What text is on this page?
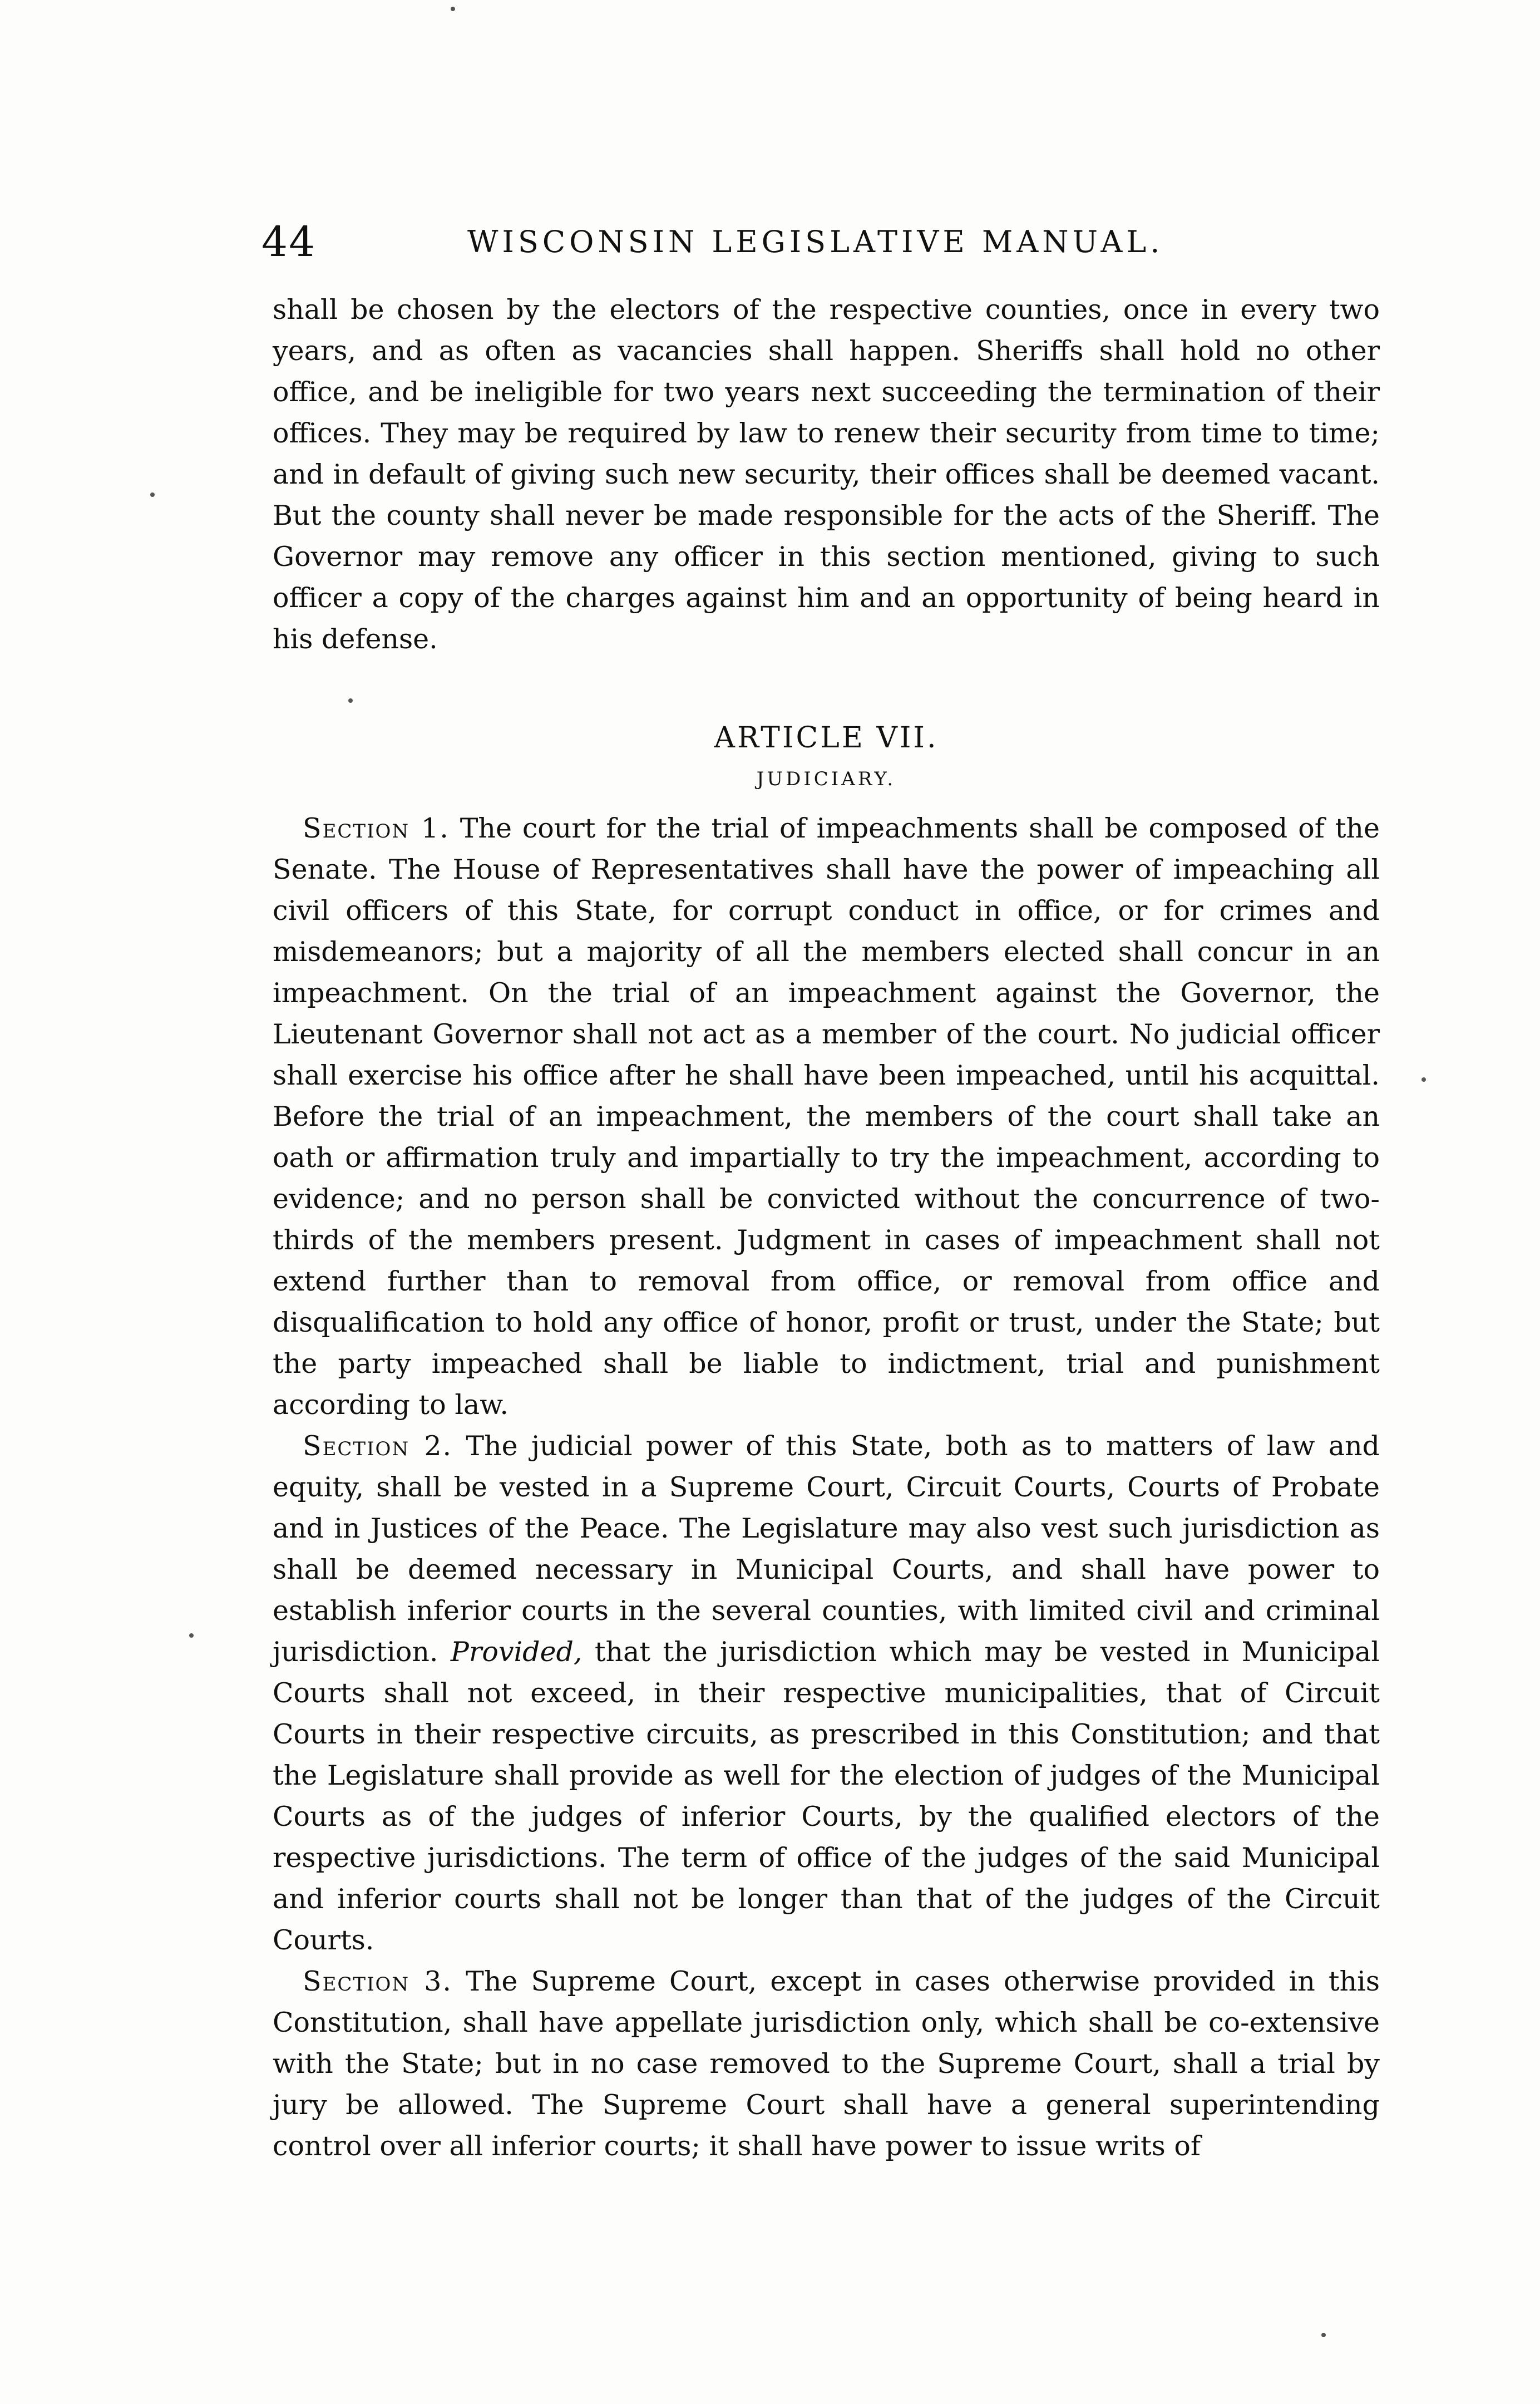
44	WISCONSIN LEGISLATIVE MANUAL.

shall be chosen by the electors of the respective counties, once in every two years, and as often as vacancies shall happen. Sheriffs shall hold no other office, and be ineligible for two years next succeeding the termination of their offices. They may be required by law to renew their security from time to time; and in default of giving such new security, their offices shall be deemed vacant. But the county shall never be made responsible for the acts of the Sheriff. The Governor may remove any officer in this section mentioned, giving to such officer a copy of the charges against him and an opportunity of being heard in his defense.

ARTICLE VII.
JUDICIARY.

Section 1. The court for the trial of impeachments shall be composed of the Senate. The House of Representatives shall have the power of impeaching all civil officers of this State, for corrupt conduct in office, or for crimes and misdemeanors; but a majority of all the members elected shall concur in an impeachment. On the trial of an impeachment against the Governor, the Lieutenant Governor shall not act as a member of the court. No judicial officer shall exercise his office after he shall have been impeached, until his acquittal. Before the trial of an impeachment, the members of the court shall take an oath or affirmation truly and impartially to try the impeachment, according to evidence; and no person shall be convicted without the concurrence of two-thirds of the members present. Judgment in cases of impeachment shall not extend further than to removal from office, or removal from office and disqualification to hold any office of honor, profit or trust, under the State; but the party impeached shall be liable to indictment, trial and punishment according to law.

Section 2. The judicial power of this State, both as to matters of law and equity, shall be vested in a Supreme Court, Circuit Courts, Courts of Probate and in Justices of the Peace. The Legislature may also vest such jurisdiction as shall be deemed necessary in Municipal Courts, and shall have power to establish inferior courts in the several counties, with limited civil and criminal jurisdiction. Provided, that the jurisdiction which may be vested in Municipal Courts shall not exceed, in their respective municipalities, that of Circuit Courts in their respective circuits, as prescribed in this Constitution; and that the Legislature shall provide as well for the election of judges of the Municipal Courts as of the judges of inferior Courts, by the qualified electors of the respective jurisdictions. The term of office of the judges of the said Municipal and inferior courts shall not be longer than that of the judges of the Circuit Courts.

Section 3. The Supreme Court, except in cases otherwise provided in this Constitution, shall have appellate jurisdiction only, which shall be co-extensive with the State; but in no case removed to the Supreme Court, shall a trial by jury be allowed. The Supreme Court shall have a general superintending control over all inferior courts; it shall have power to issue writs of
